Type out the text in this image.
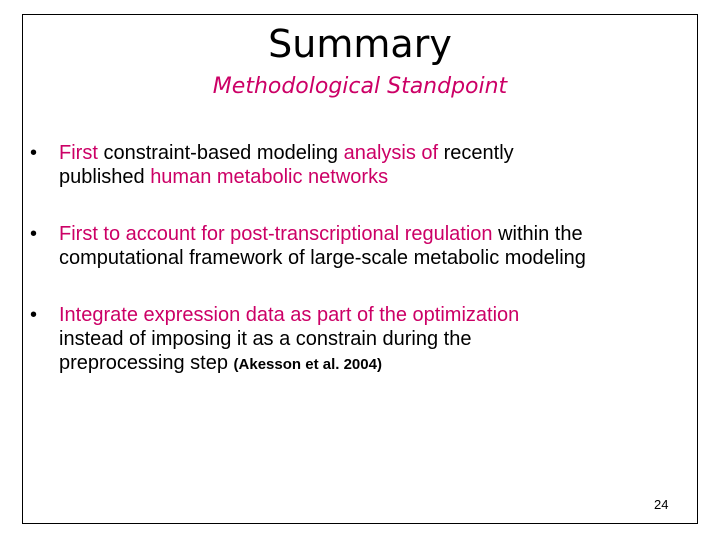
Summary
Methodological Standpoint
•	First constraint-based modeling analysis of recently
published human metabolic networks
•	First to account for post-transcriptional regulation within the
computational framework of large-scale metabolic modeling
•	Integrate expression data as part of the optimization
instead of imposing it as a constrain during the
preprocessing step (Akesson et al. 2004)
24
